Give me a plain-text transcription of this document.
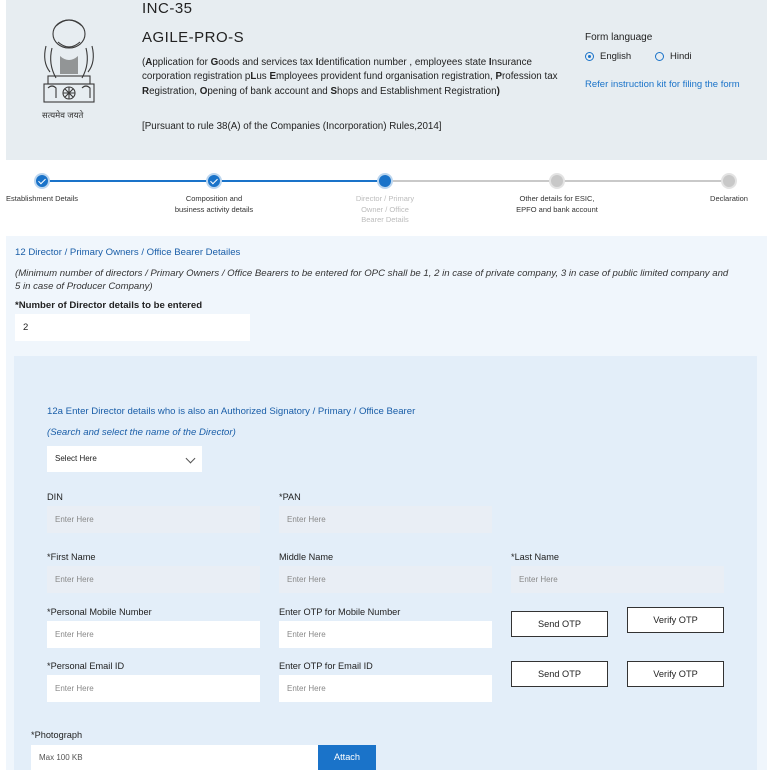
सत्यमेव जयते
INC-35
AGILE-PRO-S
(Application for Goods and services tax Identification number , employees state Insurance corporation registration pLus Employees provident fund organisation registration, Profession tax Registration, Opening of bank account and Shops and Establishment Registration)
[Pursuant to rule 38(A) of the Companies (Incorporation) Rules,2014]
Form language
English	Hindi
Refer instruction kit for filing the form
Establishment Details	Composition and business activity details
Director / Primary Owner / Office Bearer Details
Other details for ESIC, EPFO and bank account
Declaration
12 Director / Primary Owners / Office Bearer Detailes
(Minimum number of directors / Primary Owners / Office Bearers to be entered for OPC shall be 1, 2 in case of private company, 3 in case of public limited company and 5 in case of Producer Company)
*Number of Director details to be entered
2
12a Enter Director details who is also an Authorized Signatory / Primary / Office Bearer
(Search and select the name of the Director)
Select Here
DIN
Enter Here
*PAN
Enter Here
*First Name
Enter Here
Middle Name
Enter Here
*Last Name
Enter Here
*Personal Mobile Number
Enter Here
Enter OTP for Mobile Number
Enter Here
Send OTP	Verify OTP
*Personal Email ID
Enter Here
Enter OTP for Email ID
Enter Here
Send OTP	Verify OTP
*Photograph
Max 100 KB	Attach
